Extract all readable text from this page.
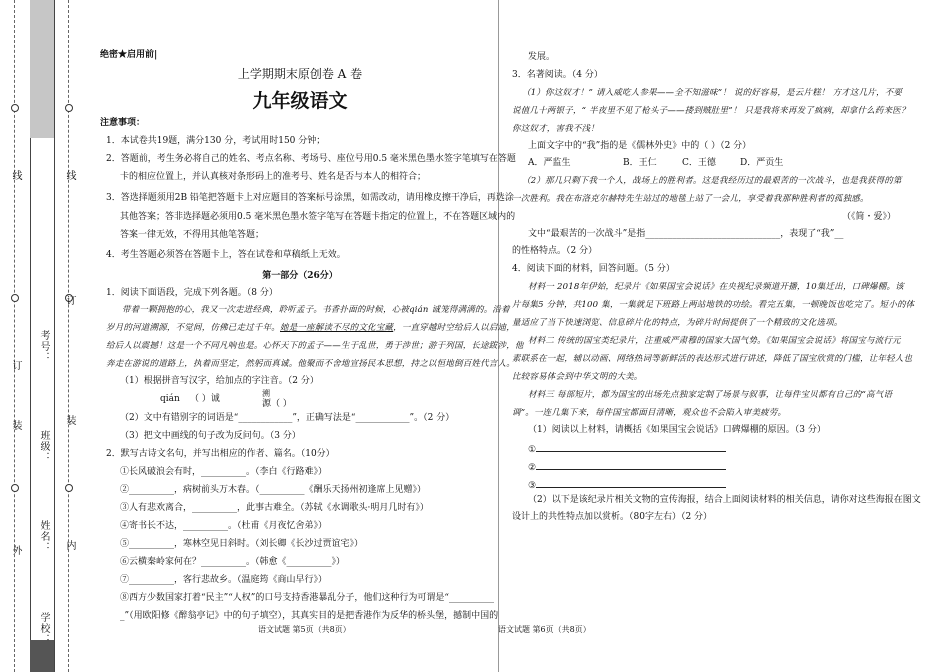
线
订
装
外
线
订
装
内
考号：
班级：
姓名：
学校：
绝密★启用前|
上学期期末原创卷 A 卷
九年级语文
注意事项：
1．本试卷共19题，满分130 分，考试用时150 分钟；
2．答题前，考生务必将自己的姓名、考点名称、考场号、座位号用0.5 毫米黑色墨水签字笔填写在答题
卡的相应位置上，并认真核对条形码上的准考号、姓名是否与本人的相符合；
3．答选择题须用2B 铅笔把答题卡上对应题目的答案标号涂黑，如需改动，请用橡皮擦干净后，再选涂
其他答案；答非选择题必须用0.5 毫米黑色墨水签字笔写在答题卡指定的位置上，不在答题区域内的
答案一律无效，不得用其他笔答题；
4．考生答题必须答在答题卡上，答在试卷和草稿纸上无效。
第一部分（26分）
1．阅读下面语段，完成下列各题。（8 分）
带着一颗拥抱的心，我又一次走进经典，聆听孟子。书香扑面的时候，心被qián 诚笼得满满的。沿着
岁月的河道溯源，不觉间，仿佛已走过千年。她是一座解读不尽的文化宝藏，一直穿越时空给后人以启迪，
给后人以震撼！这是一个不同凡响也是。心怀天下的孟子——生于乱世，勇于涉世；游于列国，长途跋涉，他
奔走在游说的道路上，执着而坚定，然躬而真诚。他聚而不舍地宣扬民本思想，持之以恒地倒百姓代言人。
（1）根据拼音写汉字，给加点的字注音。（2 分）
qián （ ）诚
溯
源（ ）
（2）文中有错别字的词语是“____________”，正确写法是“____________”。（2 分）
（3）把文中画线的句子改为反问句。（3 分）
2．默写古诗文名句，并写出相应的作者、篇名。（10分）
①长风破浪会有时，__________。（李白《行路难》）
②__________，病树前头万木春。（__________《酬乐天扬州初逢席上见赠》）
③人有悲欢离合，__________，此事古难全。（苏轼《水调歌头·明月几时有》）
④寄书长不达，__________。（杜甫《月夜忆舍弟》）
⑤__________，寒林空见日斜时。（刘长卿《长沙过贾谊宅》）
⑥云横秦岭家何在？__________。（韩愈《__________》）
⑦__________，客行悲故乡。（温庭筠《商山早行》）
⑧西方少数国家打着“民主”“人权”的口号支持香港暴乱分子，他们这种行为可谓是“__________
_”（用欧阳修《醉翁亭记》中的句子填空），其真实目的是把香港作为反华的桥头堡，撼制中国的
语文试题 第5页（共8页）
发展。
3．名著阅读。（4 分）
（1）你这奴才！” 请入威吃人参果——全不知滋味”！ 说的好容易，是云片糕！ 方才这几片，不要
说值几十两银子，“ 半夜里不见了枪头子——搂到贼肚里”！ 只是我将来再发了疯病，却拿什么药来医？
你这奴才，害我不浅！
上面文字中的“我”指的是《儒林外史》中的（ ）（2 分）
A．严监生	B．王仁	C．王德	D．严贡生
（2）那几只剩下我一个人，战场上的胜利者。这是我经历过的最艰苦的一次战斗，也是我获得的第
一次胜利。我在布洛克尔赫特先生站过的地毯上站了一会儿，享受着我那种胜利者的孤独感。
（《简・爱》）
文中“最艰苦的一次战斗”是指______________________________，表现了“我”__
的性格特点。（2 分）
4．阅读下面的材料，回答问题。（5 分）
材料一 2018年伊始，纪录片《如果国宝会说话》在央视纪录频道开播，10集迁出，口碑爆棚。该
片每集5 分钟，共100 集，一集就足下班路上两站地铁的功绘。看完五集，一顿晚饭也吃完了。短小的体
量适应了当下快速浏览、信息碎片化的特点，为碎片时间提供了一个精致的文化选项。
材料二 传统的国宝类纪录片，注重威严肃穆的国家大国气势。《如果国宝会说话》将国宝与流行元
素联系在一起，辅以动画、网络热词等新鲜活的表达形式进行讲述，降低了国宝欣赏的门槛，让年轻人也
比较容易体会到中华文明的大美。
材料三 每部短片，都为国宝的出场先点独家定制了场景与叙事，让每件宝贝都有自己的“高气语
调”。一连几集下来，每件国宝都面目清晰，观众也不会陷入审美疲劳。
（1）阅读以上材料，请概括《如果国宝会说话》口碑爆棚的原因。（3 分）
①
②
③
（2）以下是该纪录片相关文物的宣传海报，结合上面阅读材料的相关信息，请你对这些海报在图文
设计上的共性特点加以赏析。（80字左右）（2 分）
语文试题 第6页（共8页）
